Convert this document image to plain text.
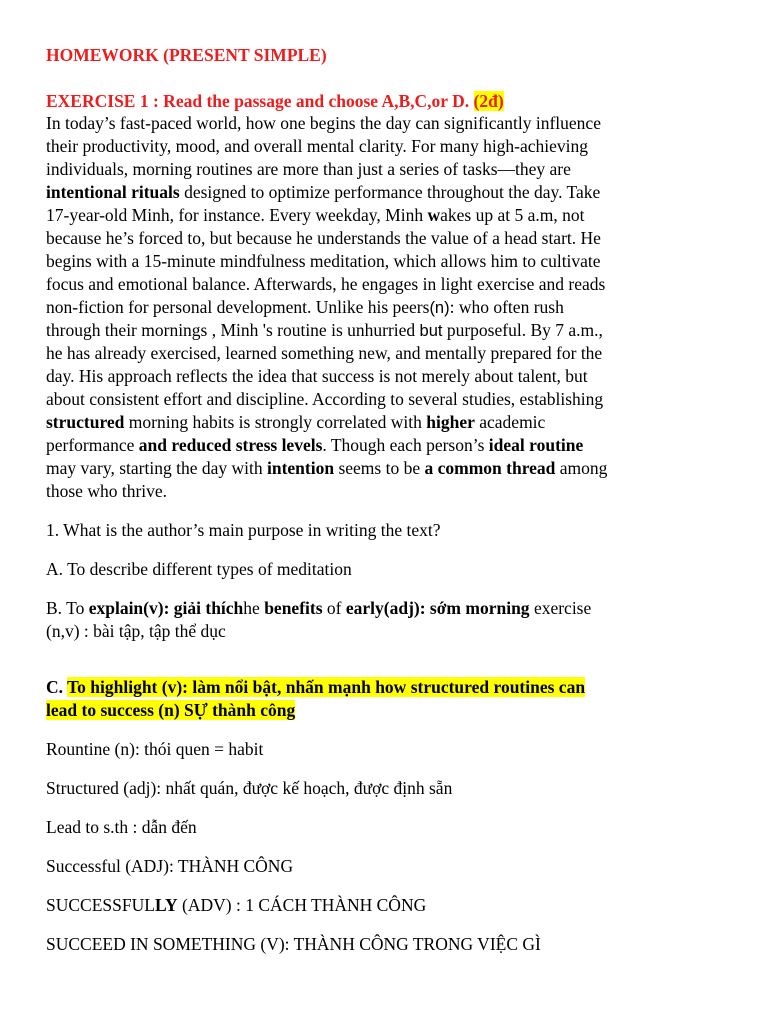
HOMEWORK (PRESENT SIMPLE)
EXERCISE 1 : Read the passage and choose A,B,C,or D. (2đ)
In today’s fast-paced world, how one begins the day can significantly influence
their productivity, mood, and overall mental clarity. For many high-achieving
individuals, morning routines are more than just a series of tasks—they are
intentional rituals designed to optimize performance throughout the day. Take
17-year-old Minh, for instance. Every weekday, Minh wakes up at 5 a.m, not
because he’s forced to, but because he understands the value of a head start. He
begins with a 15-minute mindfulness meditation, which allows him to cultivate
focus and emotional balance. Afterwards, he engages in light exercise and reads
non-fiction for personal development. Unlike his peers(n): who often rush
through their mornings , Minh 's routine is unhurried but purposeful. By 7 a.m.,
he has already exercised, learned something new, and mentally prepared for the
day. His approach reflects the idea that success is not merely about talent, but
about consistent effort and discipline. According to several studies, establishing
structured morning habits is strongly correlated with higher academic
performance and reduced stress levels. Though each person’s ideal routine
may vary, starting the day with intention seems to be a common thread among
those who thrive.
1. What is the author’s main purpose in writing the text?
A. To describe different types of meditation
B. To explain(v): giải thíchhe benefits of early(adj): sớm morning exercise
(n,v) : bài tập, tập thể dục
C. To highlight (v): làm nổi bật, nhấn mạnh how structured routines can
lead to success (n) SỰ thành công
Rountine (n): thói quen = habit
Structured (adj): nhất quán, được kế hoạch, được định sẵn
Lead to s.th : dẫn đến
Successful (ADJ): THÀNH CÔNG
SUCCESSFULLY (ADV) : 1 CÁCH THÀNH CÔNG
SUCCEED IN SOMETHING (V): THÀNH CÔNG TRONG VIỆC GÌ
